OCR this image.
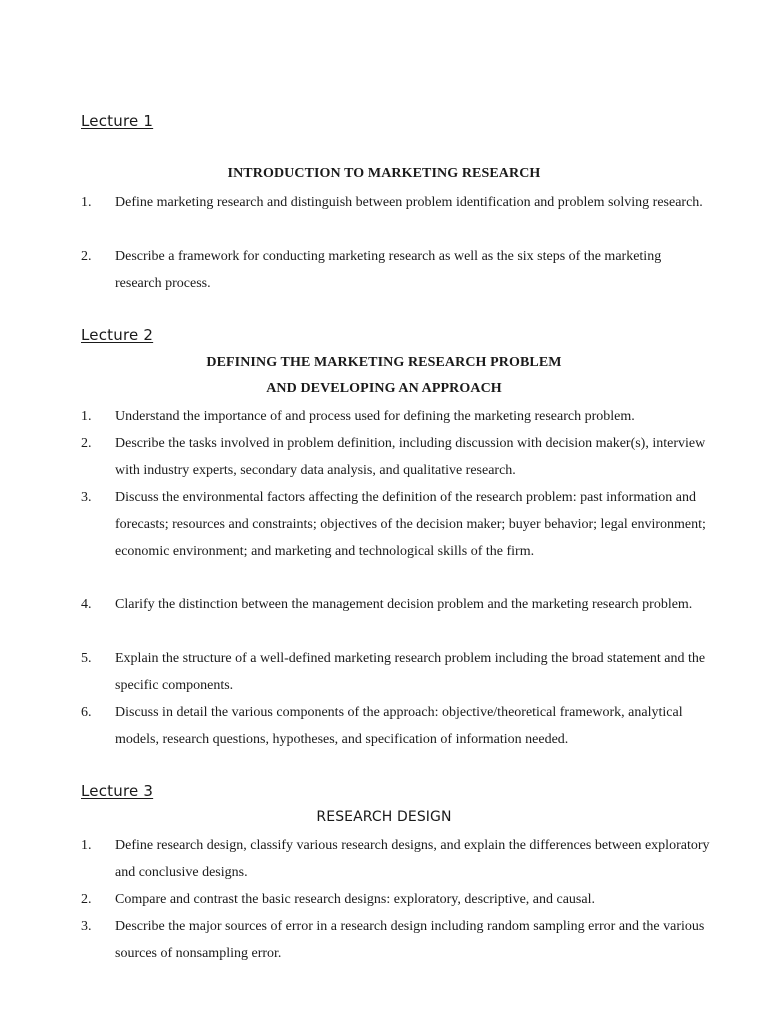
Lecture 1
INTRODUCTION TO MARKETING RESEARCH
1.	Define marketing research and distinguish between problem identification and problem solving research.
2.	Describe a framework for conducting marketing research as well as the six steps of the marketing research process.
Lecture 2
DEFINING THE MARKETING RESEARCH PROBLEM
AND DEVELOPING AN APPROACH
1.	Understand the importance of and process used for defining the marketing research problem.
2.	Describe the tasks involved in problem definition, including discussion with decision maker(s), interview with industry experts, secondary data analysis, and qualitative research.
3.	Discuss the environmental factors affecting the definition of the research problem: past information and forecasts; resources and constraints; objectives of the decision maker; buyer behavior; legal environment; economic environment; and marketing and technological skills of the firm.
4.	Clarify the distinction between the management decision problem and the marketing research problem.
5.	Explain the structure of a well-defined marketing research problem including the broad statement and the specific components.
6.	Discuss in detail the various components of the approach: objective/theoretical framework, analytical models, research questions, hypotheses, and specification of information needed.
Lecture 3
RESEARCH DESIGN
1.	Define research design, classify various research designs, and explain the differences between exploratory and conclusive designs.
2.	Compare and contrast the basic research designs: exploratory, descriptive, and causal.
3.	Describe the major sources of error in a research design including random sampling error and the various sources of nonsampling error.
